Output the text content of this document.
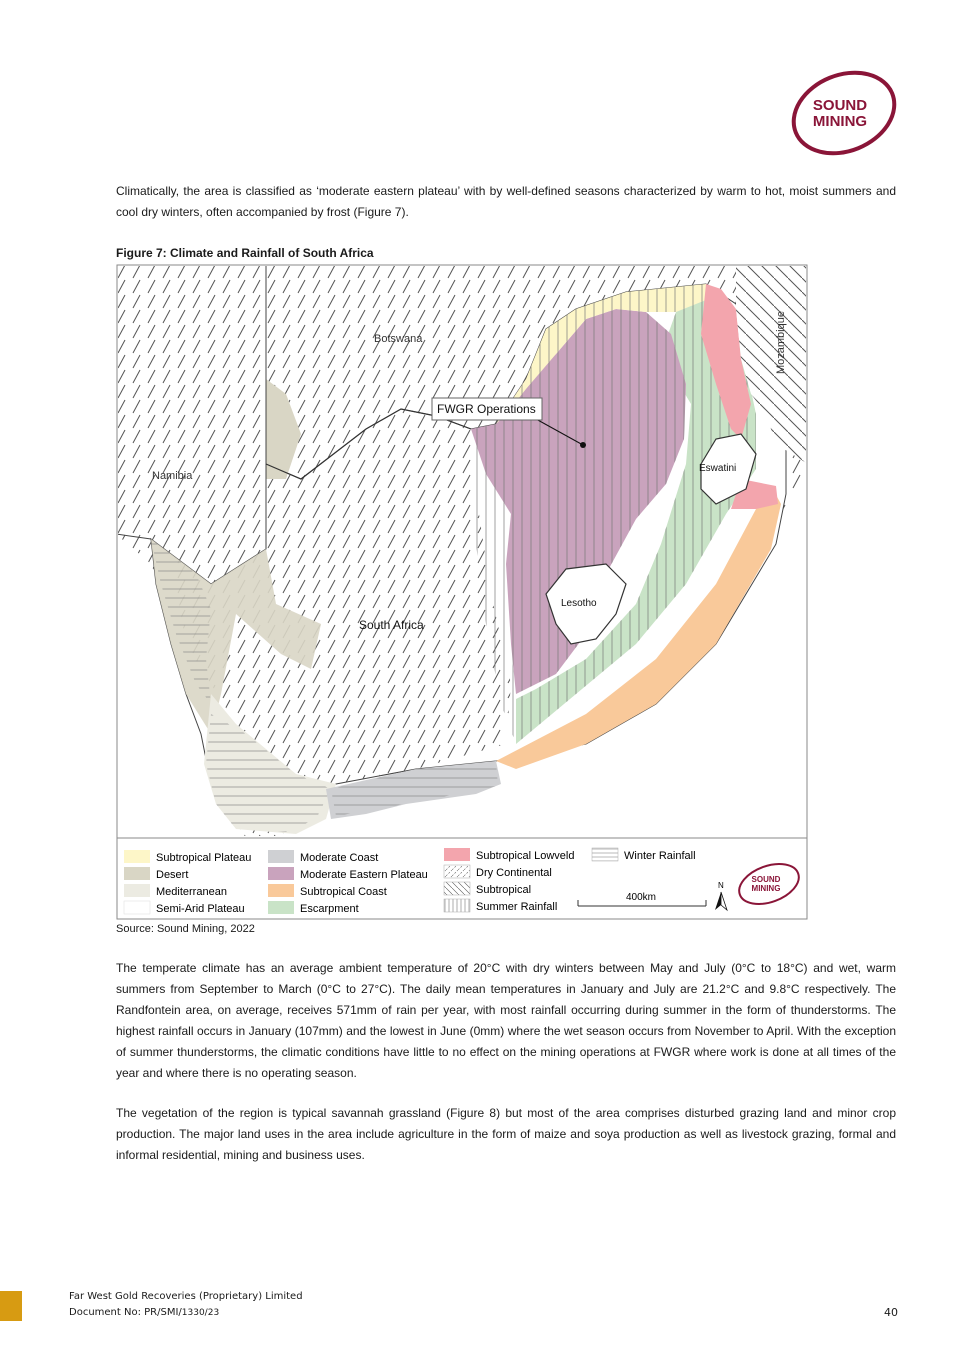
SOUND
MINING

Climatically, the area is classified as ‘moderate eastern plateau’ with by well-defined seasons characterized by warm to hot, moist summers and cool dry winters, often accompanied by frost (Figure 7).

Figure 7: Climate and Rainfall of South Africa

Botswana
Namibia
Mozambique
Eswatini
South Africa
Lesotho
FWGR Operations
Subtropical Plateau
Desert
Mediterranean
Semi-Arid Plateau
Moderate Coast
Moderate Eastern Plateau
Subtropical Coast
Escarpment
Subtropical Lowveld
Dry Continental
Subtropical
Summer Rainfall
Winter Rainfall
400km
N
SOUND
MINING

Source: Sound Mining, 2022

The temperate climate has an average ambient temperature of 20°C with dry winters between May and July (0°C to 18°C) and wet, warm summers from September to March (0°C to 27°C). The daily mean temperatures in January and July are 21.2°C and 9.8°C respectively. The Randfontein area, on average, receives 571mm of rain per year, with most rainfall occurring during summer in the form of thunderstorms. The highest rainfall occurs in January (107mm) and the lowest in June (0mm) where the wet season occurs from November to April. With the exception of summer thunderstorms, the climatic conditions have little to no effect on the mining operations at FWGR where work is done at all times of the year and where there is no operating season.

The vegetation of the region is typical savannah grassland (Figure 8) but most of the area comprises disturbed grazing land and minor crop production. The major land uses in the area include agriculture in the form of maize and soya production as well as livestock grazing, formal and informal residential, mining and business uses.

Far West Gold Recoveries (Proprietary) Limited
Document No: PR/SMI/1330/23	40
